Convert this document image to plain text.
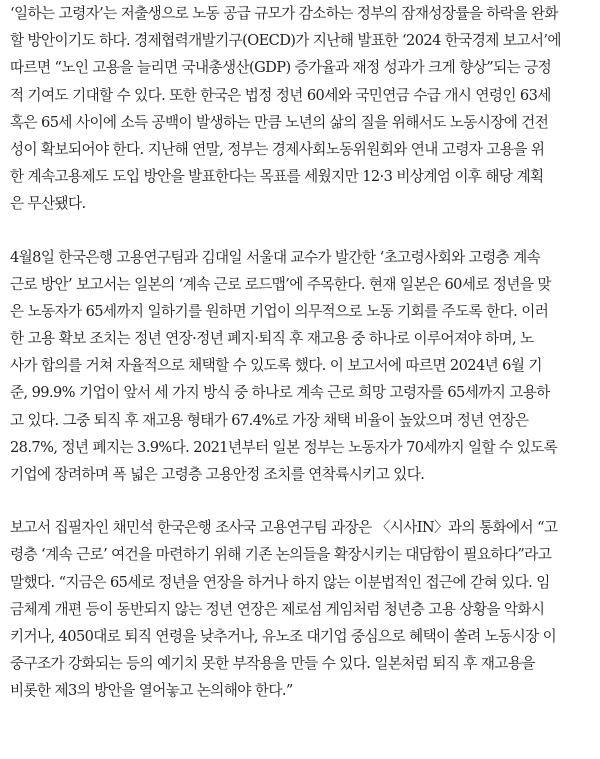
‘일하는 고령자’는 저출생으로 노동 공급 규모가 감소하는 정부의 잠재성장률을 하락을 완화
할 방안이기도 하다. 경제협력개발기구(OECD)가 지난해 발표한 ‘2024 한국경제 보고서’에
따르면 “노인 고용을 늘리면 국내총생산(GDP) 증가율과 재정 성과가 크게 향상”되는 긍정
적 기여도 기대할 수 있다. 또한 한국은 법정 정년 60세와 국민연금 수급 개시 연령인 63세
혹은 65세 사이에 소득 공백이 발생하는 만큼 노년의 삶의 질을 위해서도 노동시장에 건전
성이 확보되어야 한다. 지난해 연말, 정부는 경제사회노동위원회와 연내 고령자 고용을 위
한 계속고용제도 도입 방안을 발표한다는 목표를 세웠지만 12·3 비상계엄 이후 해당 계획
은 무산됐다.

4월8일 한국은행 고용연구팀과 김대일 서울대 교수가 발간한 ‘초고령사회와 고령층 계속
근로 방안’ 보고서는 일본의 ‘계속 근로 로드맵’에 주목한다. 현재 일본은 60세로 정년을 맞
은 노동자가 65세까지 일하기를 원하면 기업이 의무적으로 노동 기회를 주도록 한다. 이러
한 고용 확보 조치는 정년 연장·정년 폐지·퇴직 후 재고용 중 하나로 이루어져야 하며, 노
사가 합의를 거쳐 자율적으로 채택할 수 있도록 했다. 이 보고서에 따르면 2024년 6월 기
준, 99.9% 기업이 앞서 세 가지 방식 중 하나로 계속 근로 희망 고령자를 65세까지 고용하
고 있다. 그중 퇴직 후 재고용 형태가 67.4%로 가장 채택 비율이 높았으며 정년 연장은
28.7%, 정년 폐지는 3.9%다. 2021년부터 일본 정부는 노동자가 70세까지 일할 수 있도록
기업에 장려하며 폭 넓은 고령층 고용안정 조치를 연착륙시키고 있다.

보고서 집필자인 채민석 한국은행 조사국 고용연구팀 과장은 〈시사IN〉과의 통화에서 “고
령층 ‘계속 근로’ 여건을 마련하기 위해 기존 논의들을 확장시키는 대담함이 필요하다”라고
말했다. “지금은 65세로 정년을 연장을 하거나 하지 않는 이분법적인 접근에 갇혀 있다. 임
금체계 개편 등이 동반되지 않는 정년 연장은 제로섬 게임처럼 청년층 고용 상황을 악화시
키거나, 4050대로 퇴직 연령을 낮추거나, 유노조 대기업 중심으로 혜택이 쏠려 노동시장 이
중구조가 강화되는 등의 예기치 못한 부작용을 만들 수 있다. 일본처럼 퇴직 후 재고용을
비롯한 제3의 방안을 열어놓고 논의해야 한다.”
